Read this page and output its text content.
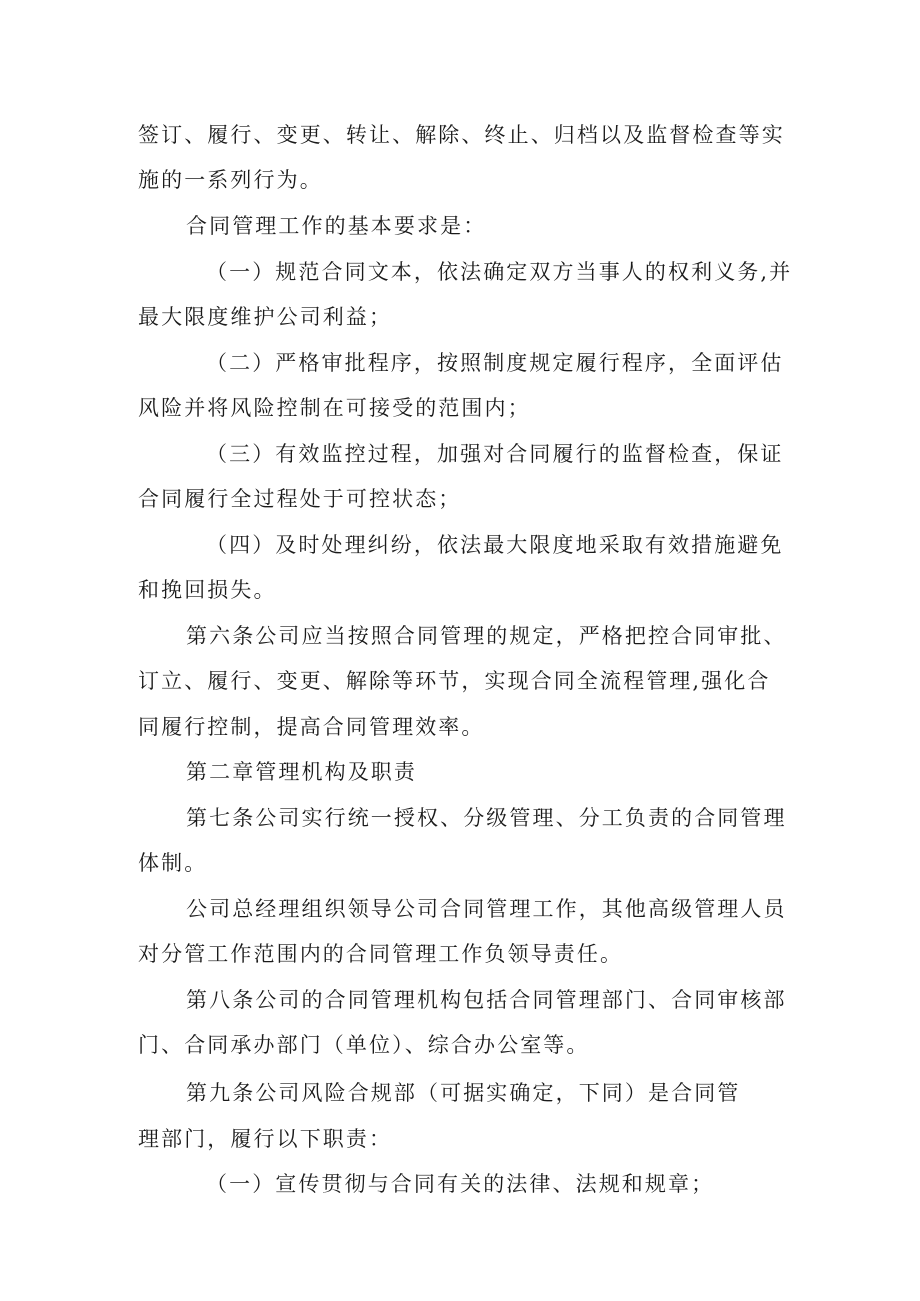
签订、履行、变更、转让、解除、终止、归档以及监督检查等实
施的一系列行为。
合同管理工作的基本要求是：
（一）规范合同文本，依法确定双方当事人的权利义务,并
最大限度维护公司利益；
（二）严格审批程序，按照制度规定履行程序，全面评估
风险并将风险控制在可接受的范围内；
（三）有效监控过程，加强对合同履行的监督检查，保证
合同履行全过程处于可控状态；
（四）及时处理纠纷，依法最大限度地采取有效措施避免
和挽回损失。
第六条公司应当按照合同管理的规定，严格把控合同审批、
订立、履行、变更、解除等环节，实现合同全流程管理,强化合
同履行控制，提高合同管理效率。
第二章管理机构及职责
第七条公司实行统一授权、分级管理、分工负责的合同管理
体制。
公司总经理组织领导公司合同管理工作，其他高级管理人员
对分管工作范围内的合同管理工作负领导责任。
第八条公司的合同管理机构包括合同管理部门、合同审核部
门、合同承办部门（单位）、综合办公室等。
第九条公司风险合规部（可据实确定，下同）是合同管
理部门，履行以下职责：
（一）宣传贯彻与合同有关的法律、法规和规章；
